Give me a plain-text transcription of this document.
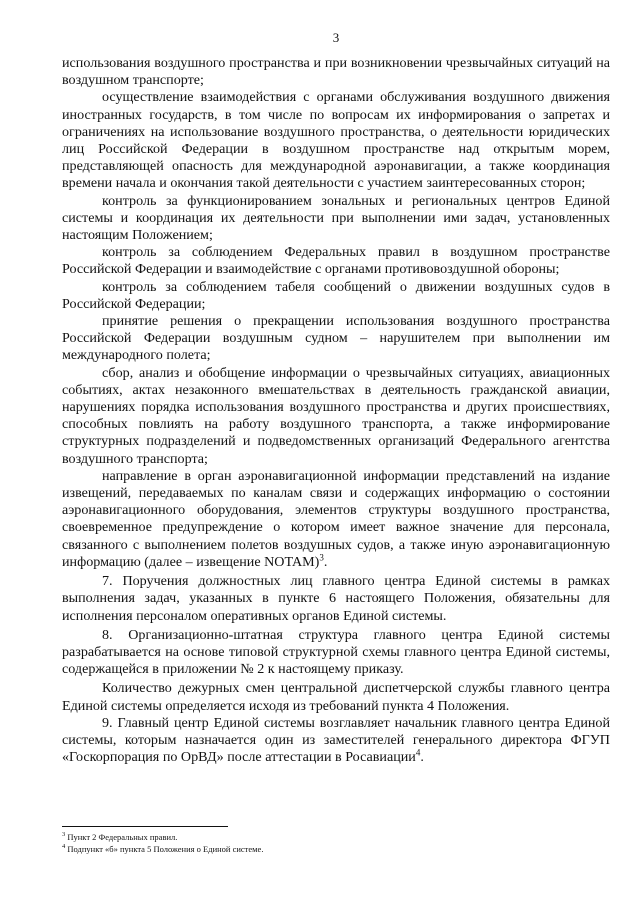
3

использования воздушного пространства и при возникновении чрезвычайных ситуаций на воздушном транспорте;

осуществление взаимодействия с органами обслуживания воздушного движения иностранных государств, в том числе по вопросам их информирования о запретах и ограничениях на использование воздушного пространства, о деятельности юридических лиц Российской Федерации в воздушном пространстве над открытым морем, представляющей опасность для международной аэронавигации, а также координация времени начала и окончания такой деятельности с участием заинтересованных сторон;

контроль за функционированием зональных и региональных центров Единой системы и координация их деятельности при выполнении ими задач, установленных настоящим Положением;

контроль за соблюдением Федеральных правил в воздушном пространстве Российской Федерации и взаимодействие с органами противовоздушной обороны;

контроль за соблюдением табеля сообщений о движении воздушных судов в Российской Федерации;

принятие решения о прекращении использования воздушного пространства Российской Федерации воздушным судном – нарушителем при выполнении им международного полета;

сбор, анализ и обобщение информации о чрезвычайных ситуациях, авиационных событиях, актах незаконного вмешательствах в деятельность гражданской авиации, нарушениях порядка использования воздушного пространства и других происшествиях, способных повлиять на работу воздушного транспорта, а также информирование структурных подразделений и подведомственных организаций Федерального агентства воздушного транспорта;

направление в орган аэронавигационной информации представлений на издание извещений, передаваемых по каналам связи и содержащих информацию о состоянии аэронавигационного оборудования, элементов структуры воздушного пространства, своевременное предупреждение о котором имеет важное значение для персонала, связанного с выполнением полетов воздушных судов, а также иную аэронавигационную информацию (далее – извещение NOTAM)$^3$.

7. Поручения должностных лиц главного центра Единой системы в рамках выполнения задач, указанных в пункте 6 настоящего Положения, обязательны для исполнения персоналом оперативных органов Единой системы.

8. Организационно-штатная структура главного центра Единой системы разрабатывается на основе типовой структурной схемы главного центра Единой системы, содержащейся в приложении № 2 к настоящему приказу.

Количество дежурных смен центральной диспетчерской службы главного центра Единой системы определяется исходя из требований пункта 4 Положения.

9. Главный центр Единой системы возглавляет начальник главного центра Единой системы, которым назначается один из заместителей генерального директора ФГУП «Госкорпорация по ОрВД» после аттестации в Росавиации$^4$.

$^3$ Пункт 2 Федеральных правил.

$^4$ Подпункт «б» пункта 5 Положения о Единой системе.
